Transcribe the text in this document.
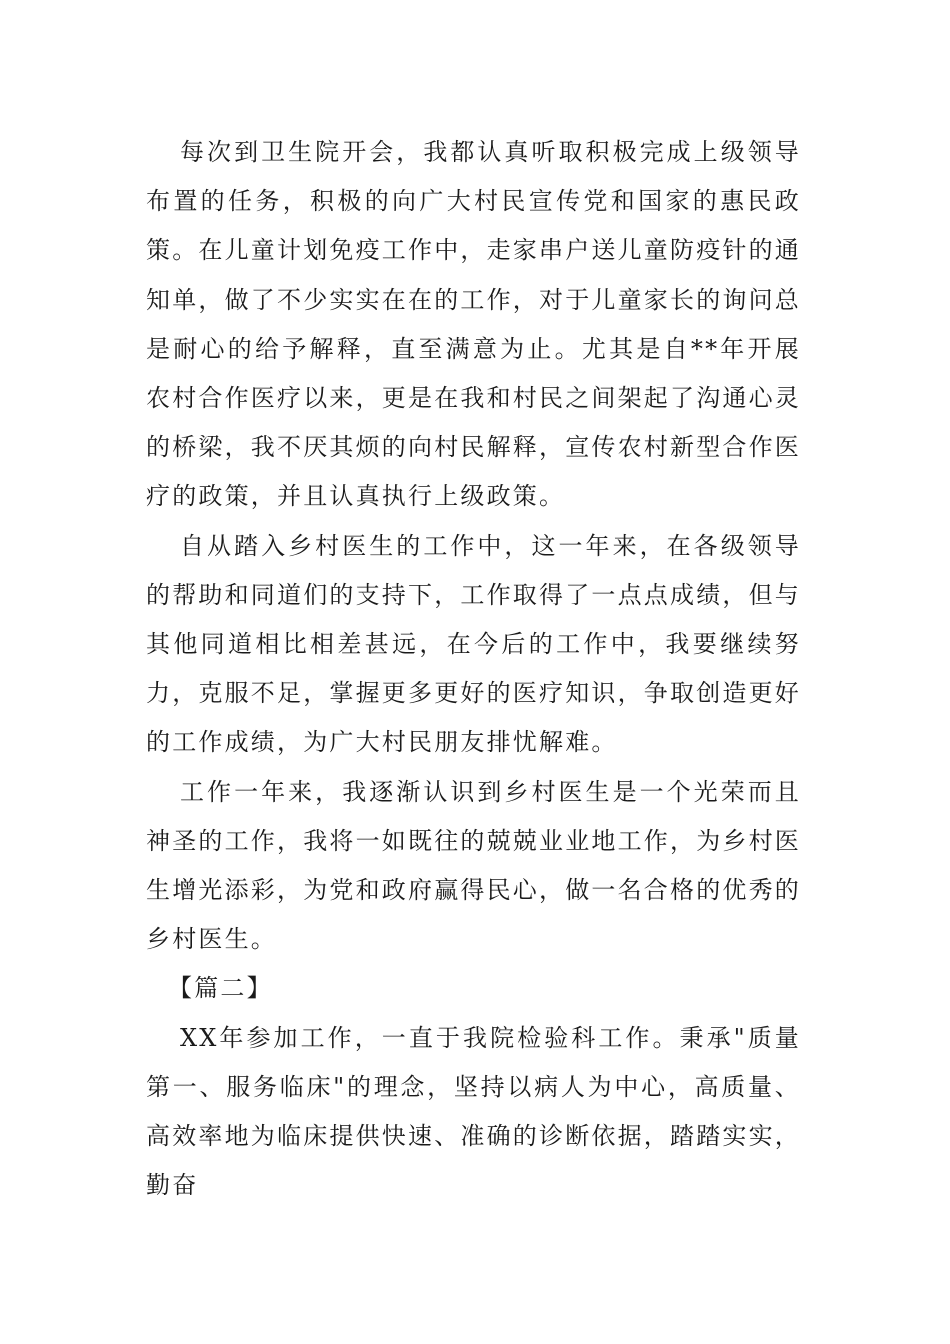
每次到卫生院开会，我都认真听取积极完成上级领导布置的任务，积极的向广大村民宣传党和国家的惠民政策。在儿童计划免疫工作中，走家串户送儿童防疫针的通知单，做了不少实实在在的工作，对于儿童家长的询问总是耐心的给予解释，直至满意为止。尤其是自**年开展农村合作医疗以来，更是在我和村民之间架起了沟通心灵的桥梁，我不厌其烦的向村民解释，宣传农村新型合作医疗的政策，并且认真执行上级政策。

自从踏入乡村医生的工作中，这一年来，在各级领导的帮助和同道们的支持下，工作取得了一点点成绩，但与其他同道相比相差甚远，在今后的工作中，我要继续努力，克服不足，掌握更多更好的医疗知识，争取创造更好的工作成绩，为广大村民朋友排忧解难。

工作一年来，我逐渐认识到乡村医生是一个光荣而且神圣的工作，我将一如既往的兢兢业业地工作，为乡村医生增光添彩，为党和政府赢得民心，做一名合格的优秀的乡村医生。

【篇二】

XX年参加工作，一直于我院检验科工作。秉承"质量第一、服务临床"的理念，坚持以病人为中心，高质量、高效率地为临床提供快速、准确的诊断依据，踏踏实实，勤奋
